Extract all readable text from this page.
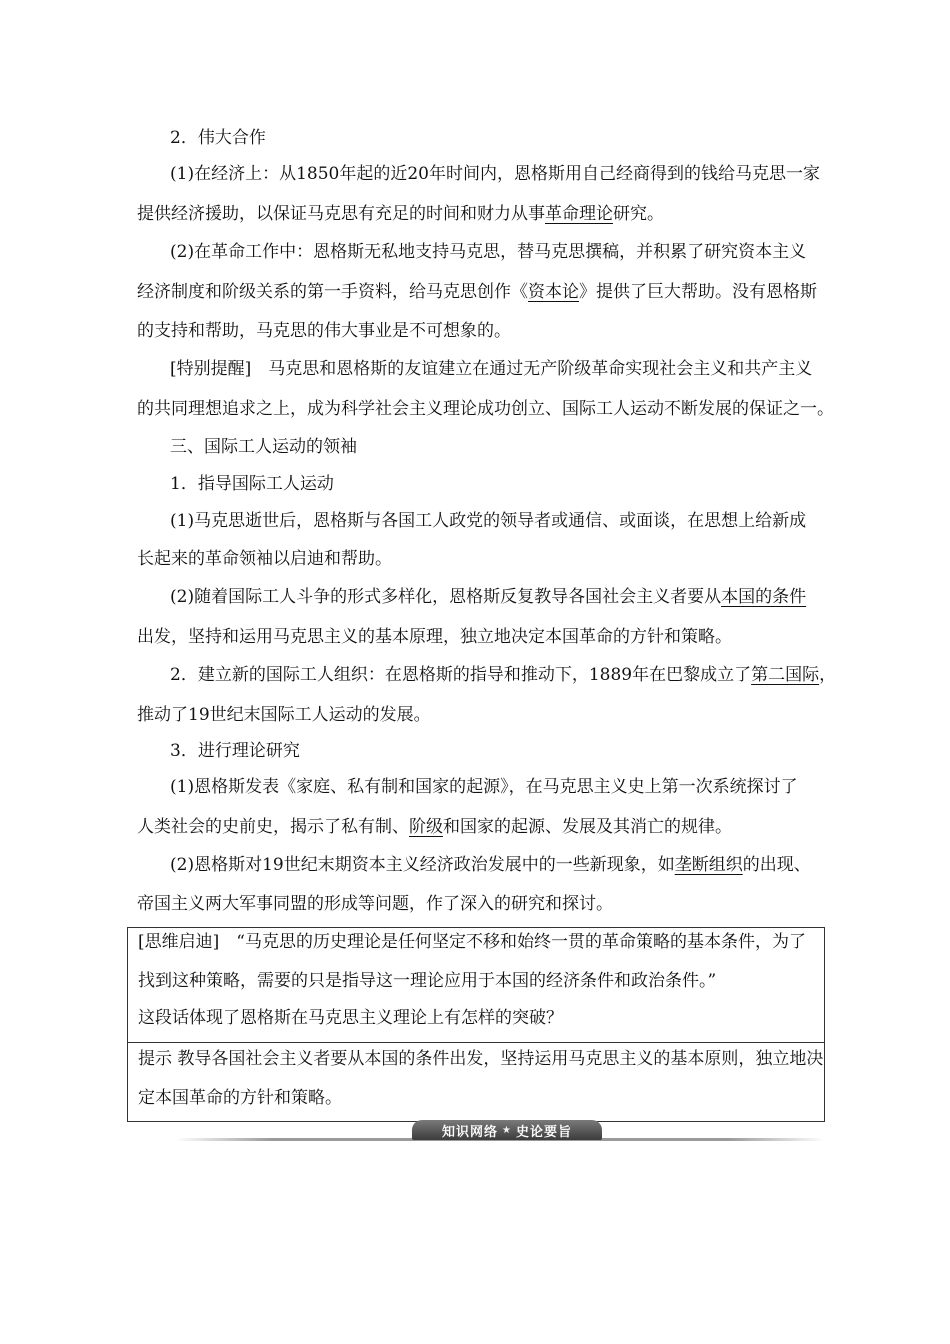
2．伟大合作
(1)在经济上：从1850年起的近20年时间内，恩格斯用自己经商得到的钱给马克思一家
提供经济援助，以保证马克思有充足的时间和财力从事革命理论研究。
(2)在革命工作中：恩格斯无私地支持马克思，替马克思撰稿，并积累了研究资本主义
经济制度和阶级关系的第一手资料，给马克思创作《资本论》提供了巨大帮助。没有恩格斯
的支持和帮助，马克思的伟大事业是不可想象的。
[特别提醒]　马克思和恩格斯的友谊建立在通过无产阶级革命实现社会主义和共产主义
的共同理想追求之上，成为科学社会主义理论成功创立、国际工人运动不断发展的保证之一。
三、国际工人运动的领袖
1．指导国际工人运动
(1)马克思逝世后，恩格斯与各国工人政党的领导者或通信、或面谈，在思想上给新成
长起来的革命领袖以启迪和帮助。
(2)随着国际工人斗争的形式多样化，恩格斯反复教导各国社会主义者要从本国的条件
出发，坚持和运用马克思主义的基本原理，独立地决定本国革命的方针和策略。
2．建立新的国际工人组织：在恩格斯的指导和推动下，1889年在巴黎成立了第二国际，
推动了19世纪末国际工人运动的发展。
3．进行理论研究
(1)恩格斯发表《家庭、私有制和国家的起源》，在马克思主义史上第一次系统探讨了
人类社会的史前史，揭示了私有制、阶级和国家的起源、发展及其消亡的规律。
(2)恩格斯对19世纪末期资本主义经济政治发展中的一些新现象，如垄断组织的出现、
帝国主义两大军事同盟的形成等问题，作了深入的研究和探讨。
[思维启迪]　“马克思的历史理论是任何坚定不移和始终一贯的革命策略的基本条件，为了
找到这种策略，需要的只是指导这一理论应用于本国的经济条件和政治条件。”
这段话体现了恩格斯在马克思主义理论上有怎样的突破？
提示 教导各国社会主义者要从本国的条件出发，坚持运用马克思主义的基本原则，独立地决
定本国革命的方针和策略。
知识网络 ★ 史论要旨
